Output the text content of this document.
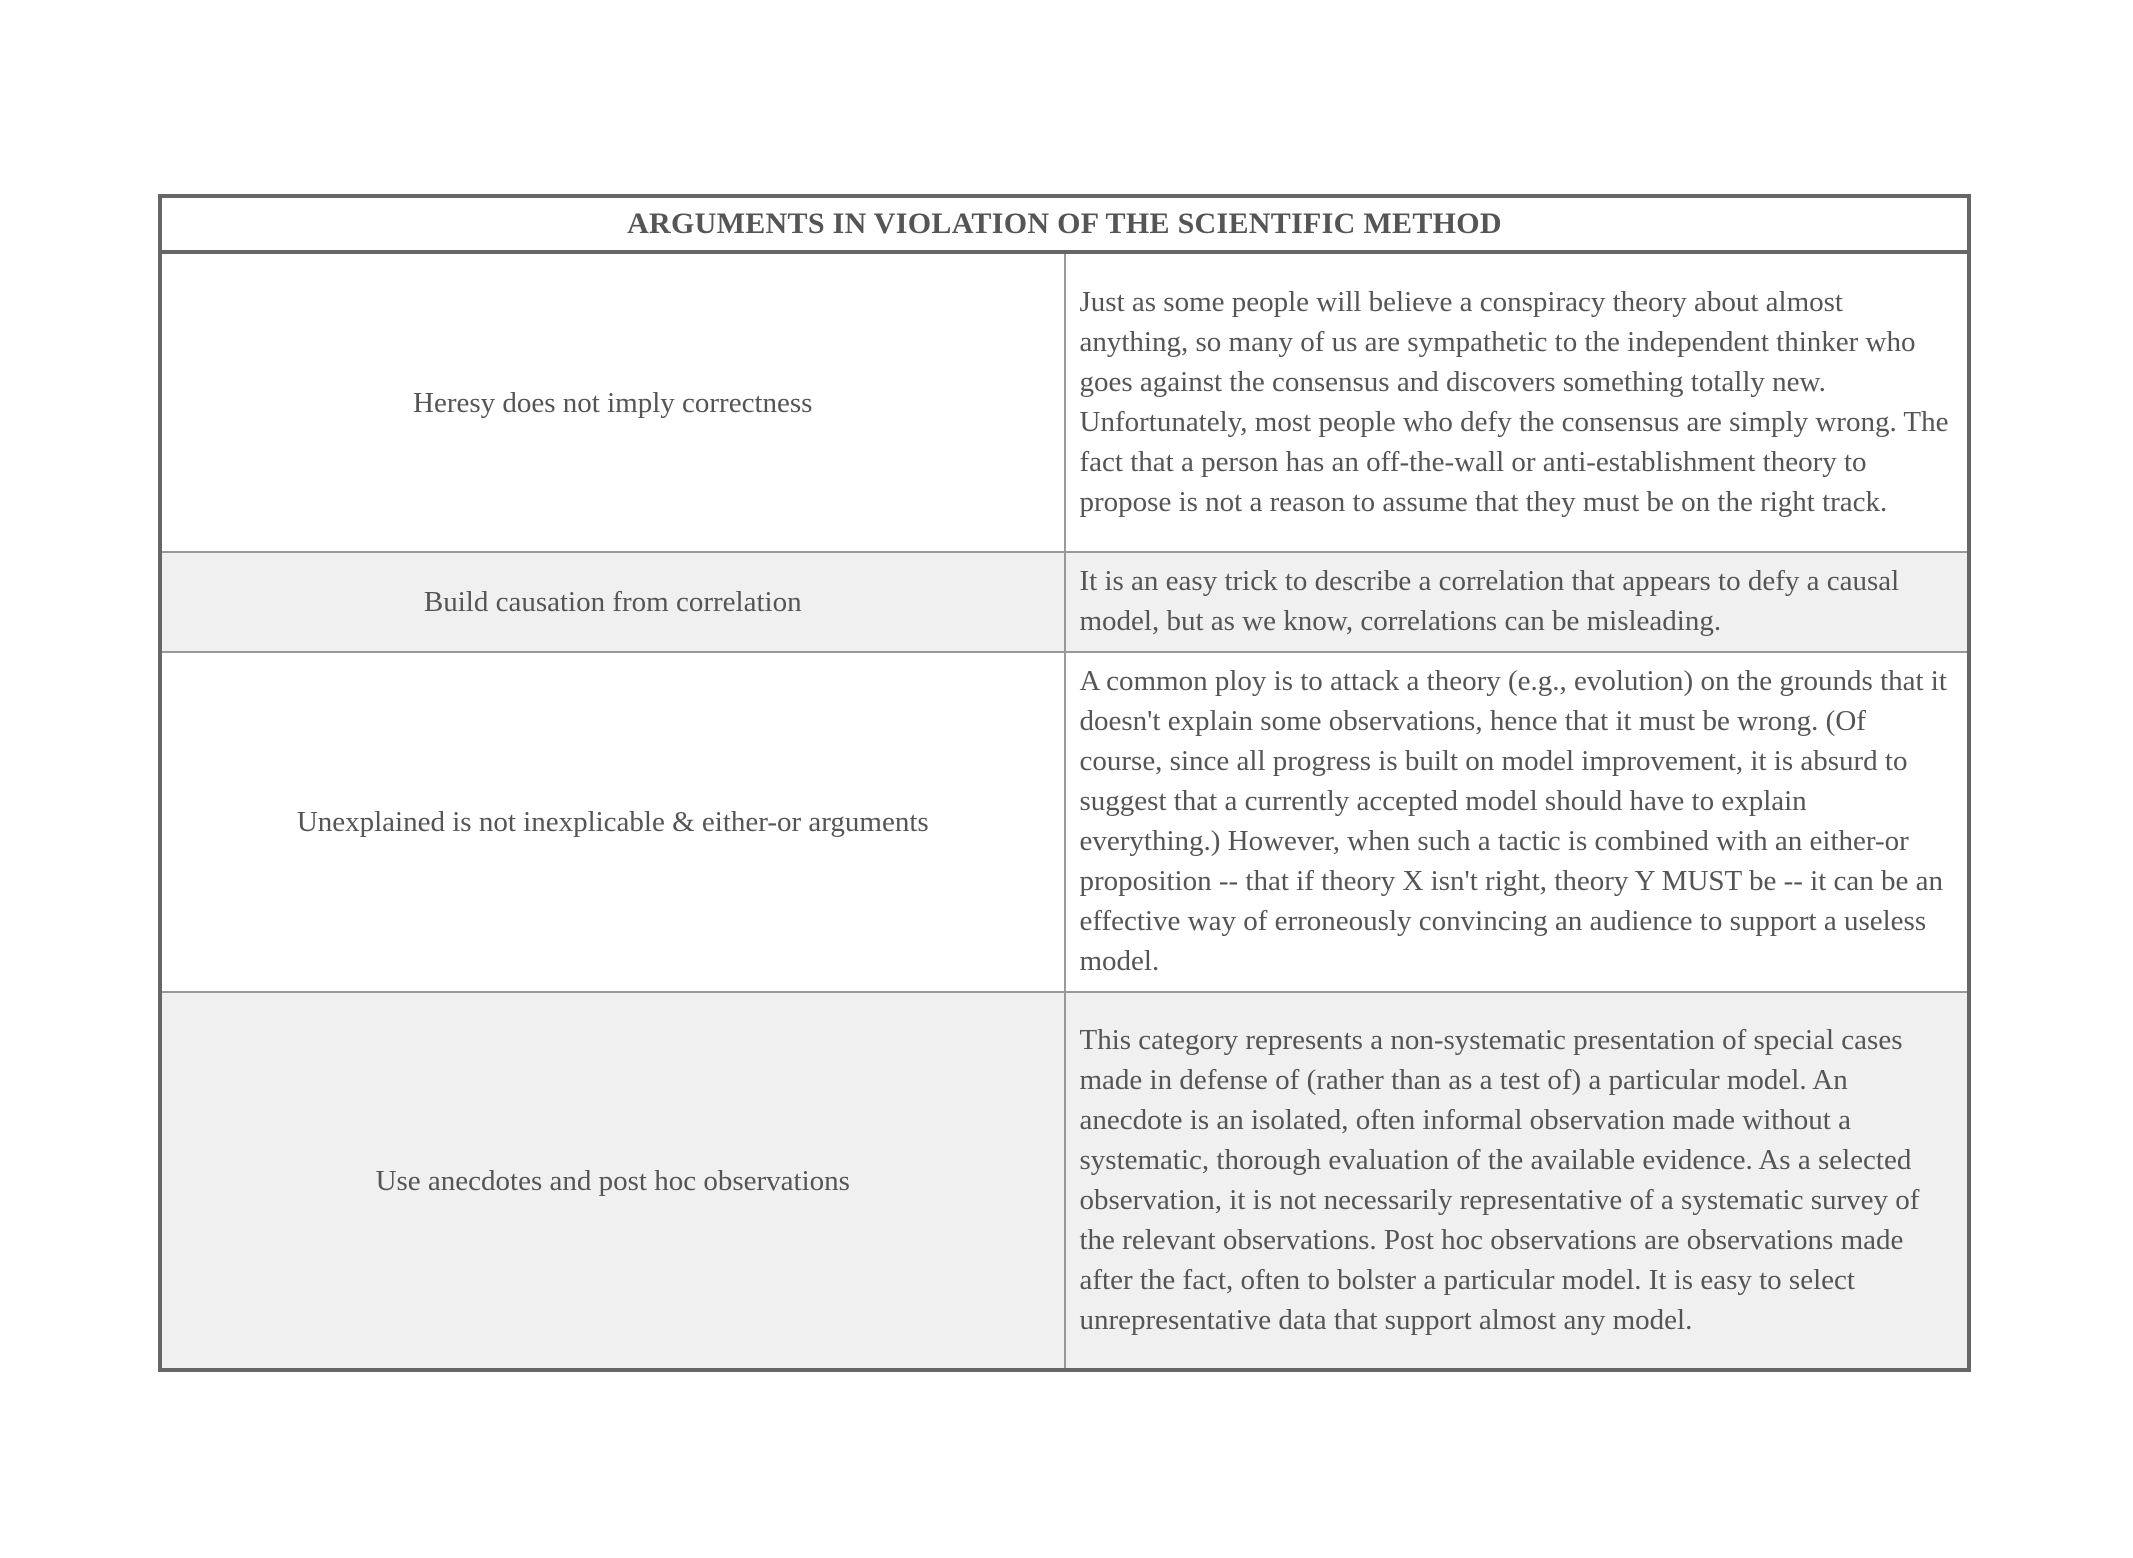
ARGUMENTS IN VIOLATION OF THE SCIENTIFIC METHOD	
Heresy does not imply correctness	Just as some people will believe a conspiracy theory about almost anything, so many of us are sympathetic to the independent thinker who goes against the consensus and discovers something totally new. Unfortunately, most people who defy the consensus are simply wrong. The fact that a person has an off-the-wall or anti-establishment theory to propose is not a reason to assume that they must be on the right track.
Build causation from correlation	It is an easy trick to describe a correlation that appears to defy a causal model, but as we know, correlations can be misleading.
Unexplained is not inexplicable & either-or arguments	A common ploy is to attack a theory (e.g., evolution) on the grounds that it doesn't explain some observations, hence that it must be wrong. (Of course, since all progress is built on model improvement, it is absurd to suggest that a currently accepted model should have to explain everything.) However, when such a tactic is combined with an either-or proposition -- that if theory X isn't right, theory Y MUST be -- it can be an effective way of erroneously convincing an audience to support a useless model.
Use anecdotes and post hoc observations	This category represents a non-systematic presentation of special cases made in defense of (rather than as a test of) a particular model. An anecdote is an isolated, often informal observation made without a systematic, thorough evaluation of the available evidence. As a selected observation, it is not necessarily representative of a systematic survey of the relevant observations. Post hoc observations are observations made after the fact, often to bolster a particular model. It is easy to select unrepresentative data that support almost any model.
